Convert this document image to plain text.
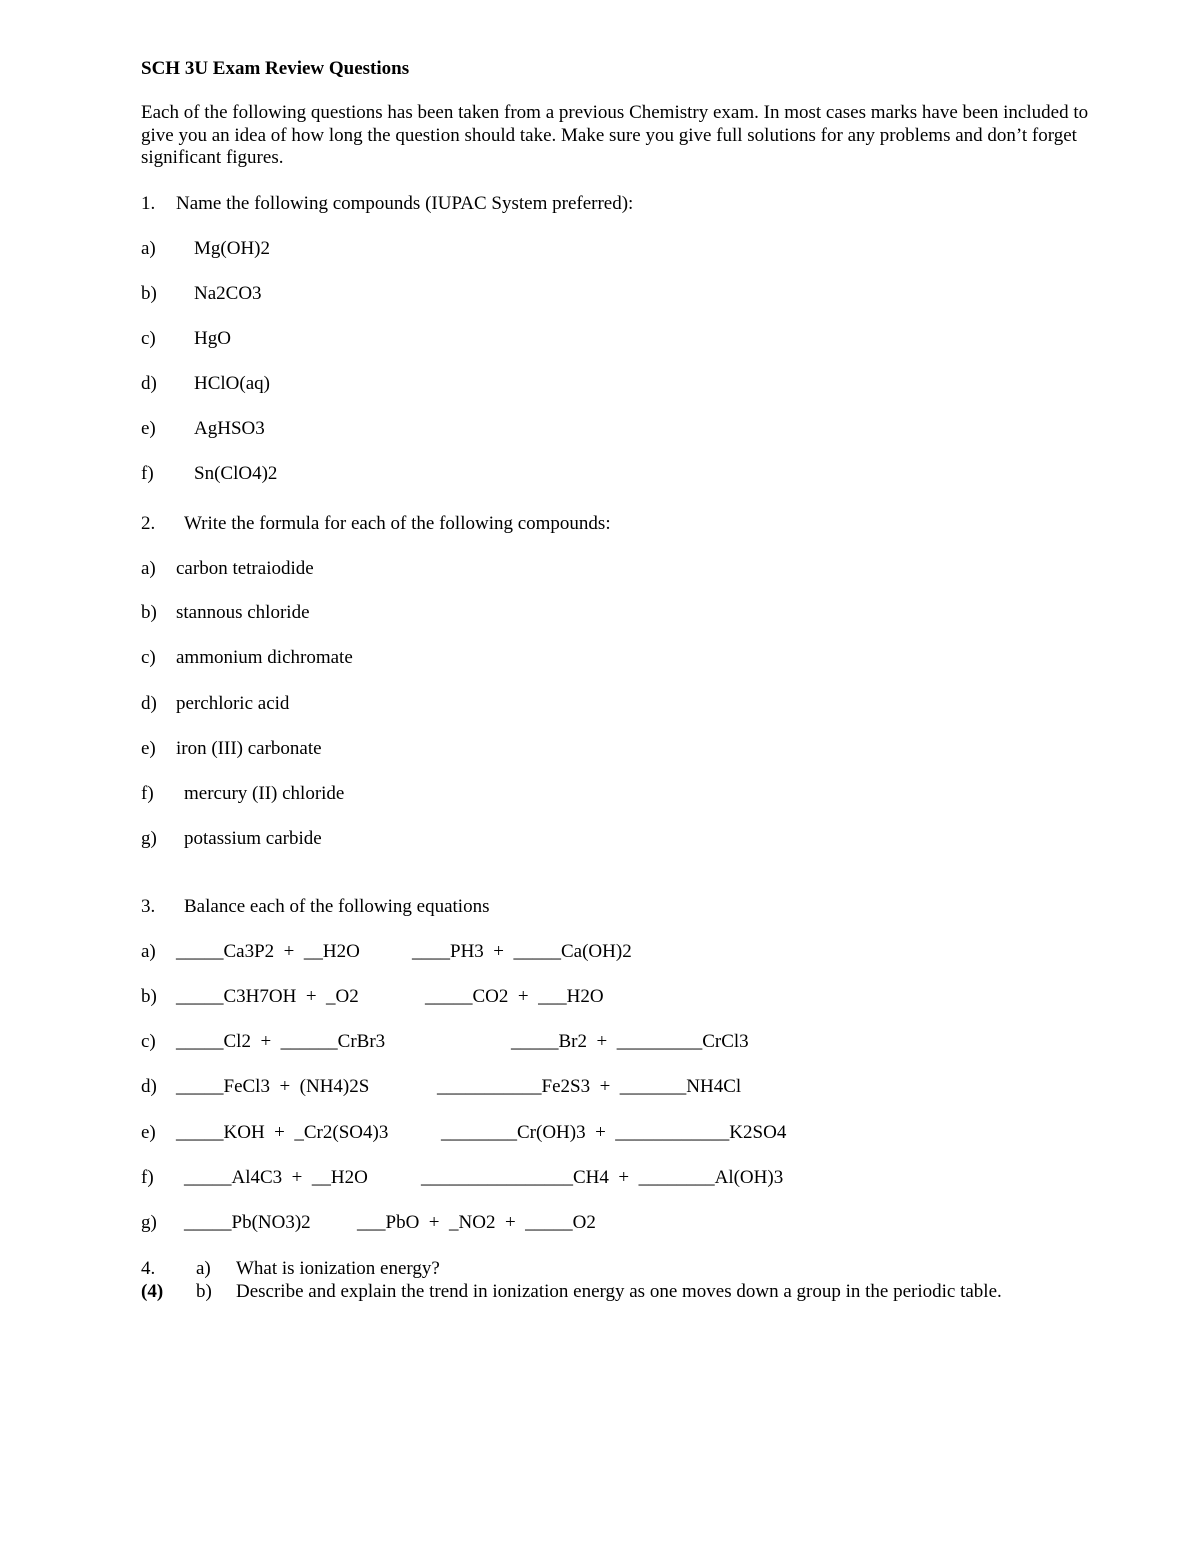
SCH 3U Exam Review Questions
Each of the following questions has been taken from a previous Chemistry exam. In most cases marks have been included to give you an idea of how long the question should take. Make sure you give full solutions for any problems and don’t forget significant figures.
1. Name the following compounds (IUPAC System preferred):
a) Mg(OH)2
b) Na2CO3
c) HgO
d) HClO(aq)
e) AgHSO3
f) Sn(ClO4)2
2. Write the formula for each of the following compounds:
a) carbon tetraiodide
b) stannous chloride
c) ammonium dichromate
d) perchloric acid
e) iron (III) carbonate
f) mercury (II) chloride
g) potassium carbide
3. Balance each of the following equations
a) _____Ca3P2  +  __H2O	____PH3  +  _____Ca(OH)2
b) _____C3H7OH  +  _O2	_____CO2  +  ___H2O
c) _____Cl2  +  ______CrBr3	_____Br2  +  _________CrCl3
d) _____FeCl3  +  (NH4)2S	___________Fe2S3  +  _______NH4Cl
e) _____KOH  +  _Cr2(SO4)3	________Cr(OH)3  +  ____________K2SO4
f) _____Al4C3  +  __H2O	________________CH4  +  ________Al(OH)3
g) _____Pb(NO3)2 ___PbO  +  _NO2  +  _____O2
4.
(4)
a) What is ionization energy?
b) Describe and explain the trend in ionization energy as one moves down a group in the periodic table.
